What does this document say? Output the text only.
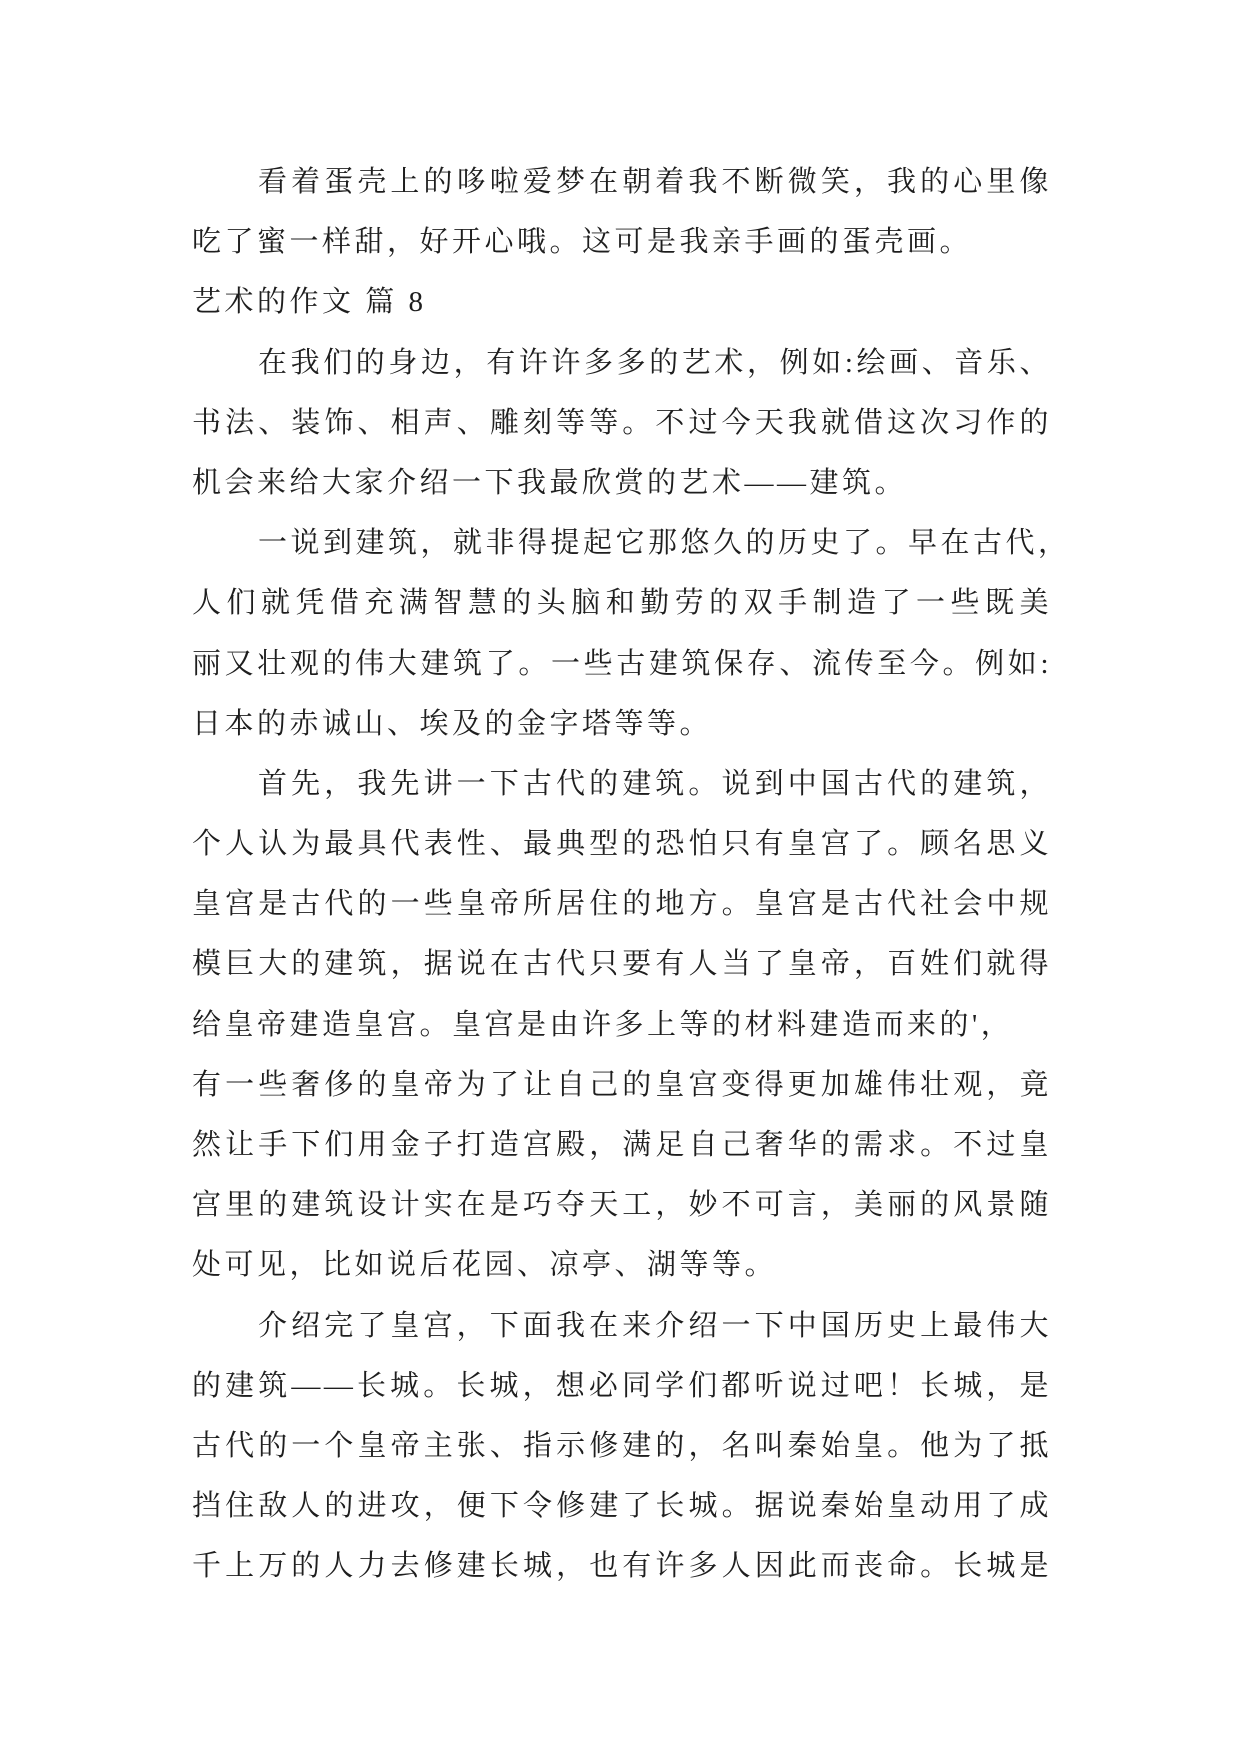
看着蛋壳上的哆啦爱梦在朝着我不断微笑，我的心里像
吃了蜜一样甜，好开心哦。这可是我亲手画的蛋壳画。
艺术的作文 篇 8
在我们的身边，有许许多多的艺术，例如:绘画、音乐、
书法、装饰、相声、雕刻等等。不过今天我就借这次习作的
机会来给大家介绍一下我最欣赏的艺术——建筑。
一说到建筑，就非得提起它那悠久的历史了。早在古代，
人们就凭借充满智慧的头脑和勤劳的双手制造了一些既美
丽又壮观的伟大建筑了。一些古建筑保存、流传至今。例如:
日本的赤诚山、埃及的金字塔等等。
首先，我先讲一下古代的建筑。说到中国古代的建筑，
个人认为最具代表性、最典型的恐怕只有皇宫了。顾名思义
皇宫是古代的一些皇帝所居住的地方。皇宫是古代社会中规
模巨大的建筑，据说在古代只要有人当了皇帝，百姓们就得
给皇帝建造皇宫。皇宫是由许多上等的材料建造而来的'，
有一些奢侈的皇帝为了让自己的皇宫变得更加雄伟壮观，竟
然让手下们用金子打造宫殿，满足自己奢华的需求。不过皇
宫里的建筑设计实在是巧夺天工，妙不可言，美丽的风景随
处可见，比如说后花园、凉亭、湖等等。
介绍完了皇宫，下面我在来介绍一下中国历史上最伟大
的建筑——长城。长城，想必同学们都听说过吧！长城，是
古代的一个皇帝主张、指示修建的，名叫秦始皇。他为了抵
挡住敌人的进攻，便下令修建了长城。据说秦始皇动用了成
千上万的人力去修建长城，也有许多人因此而丧命。长城是
